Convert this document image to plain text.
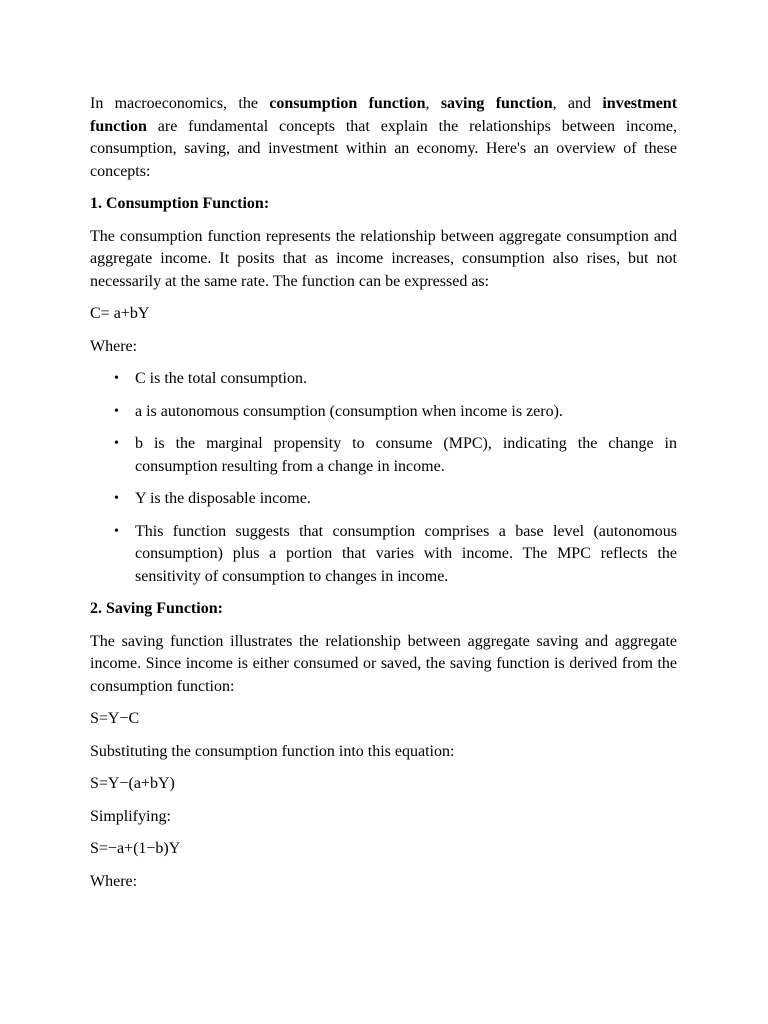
In macroeconomics, the consumption function, saving function, and investment function are fundamental concepts that explain the relationships between income, consumption, saving, and investment within an economy. Here's an overview of these concepts:

1. Consumption Function:

The consumption function represents the relationship between aggregate consumption and aggregate income. It posits that as income increases, consumption also rises, but not necessarily at the same rate. The function can be expressed as:

C= a+bY

Where:

• C is the total consumption.
• a is autonomous consumption (consumption when income is zero).
• b is the marginal propensity to consume (MPC), indicating the change in consumption resulting from a change in income.
• Y is the disposable income.
• This function suggests that consumption comprises a base level (autonomous consumption) plus a portion that varies with income. The MPC reflects the sensitivity of consumption to changes in income.
2. Saving Function:

The saving function illustrates the relationship between aggregate saving and aggregate income. Since income is either consumed or saved, the saving function is derived from the consumption function:

S=Y−C

Substituting the consumption function into this equation:

S=Y−(a+bY)

Simplifying:

S=−a+(1−b)Y

Where:
